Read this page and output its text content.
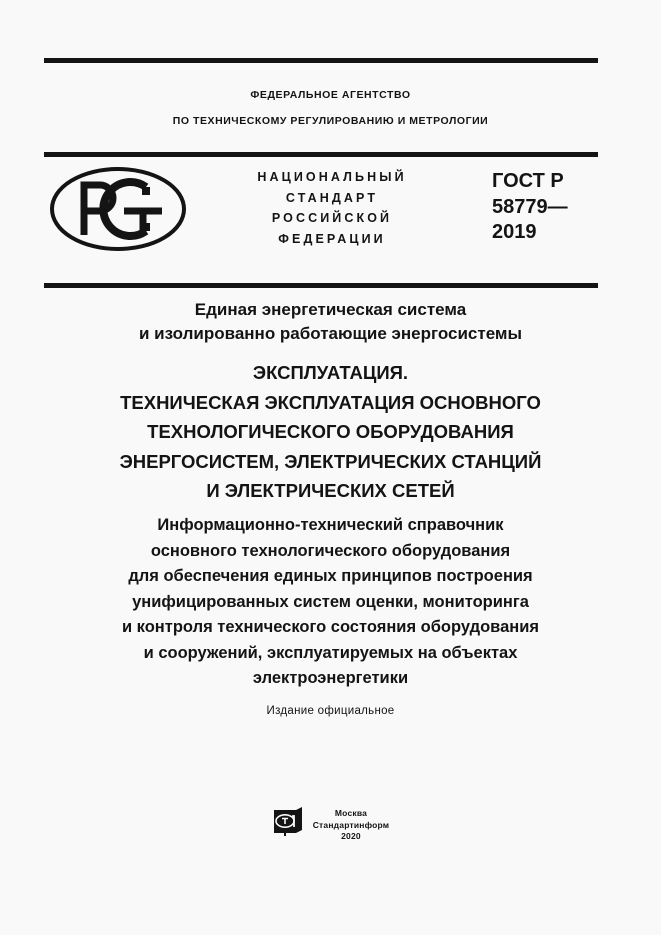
ФЕДЕРАЛЬНОЕ АГЕНТСТВО
ПО ТЕХНИЧЕСКОМУ РЕГУЛИРОВАНИЮ И МЕТРОЛОГИИ
НАЦИОНАЛЬНЫЙ
СТАНДАРТ
РОССИЙСКОЙ
ФЕДЕРАЦИИ
ГОСТ Р
58779—
2019
Единая энергетическая система
и изолированно работающие энергосистемы
ЭКСПЛУАТАЦИЯ.
ТЕХНИЧЕСКАЯ ЭКСПЛУАТАЦИЯ ОСНОВНОГО
ТЕХНОЛОГИЧЕСКОГО ОБОРУДОВАНИЯ
ЭНЕРГОСИСТЕМ, ЭЛЕКТРИЧЕСКИХ СТАНЦИЙ
И ЭЛЕКТРИЧЕСКИХ СЕТЕЙ
Информационно-технический справочник
основного технологического оборудования
для обеспечения единых принципов построения
унифицированных систем оценки, мониторинга
и контроля технического состояния оборудования
и сооружений, эксплуатируемых на объектах
электроэнергетики
Издание официальное
Москва
Стандартинформ
2020
